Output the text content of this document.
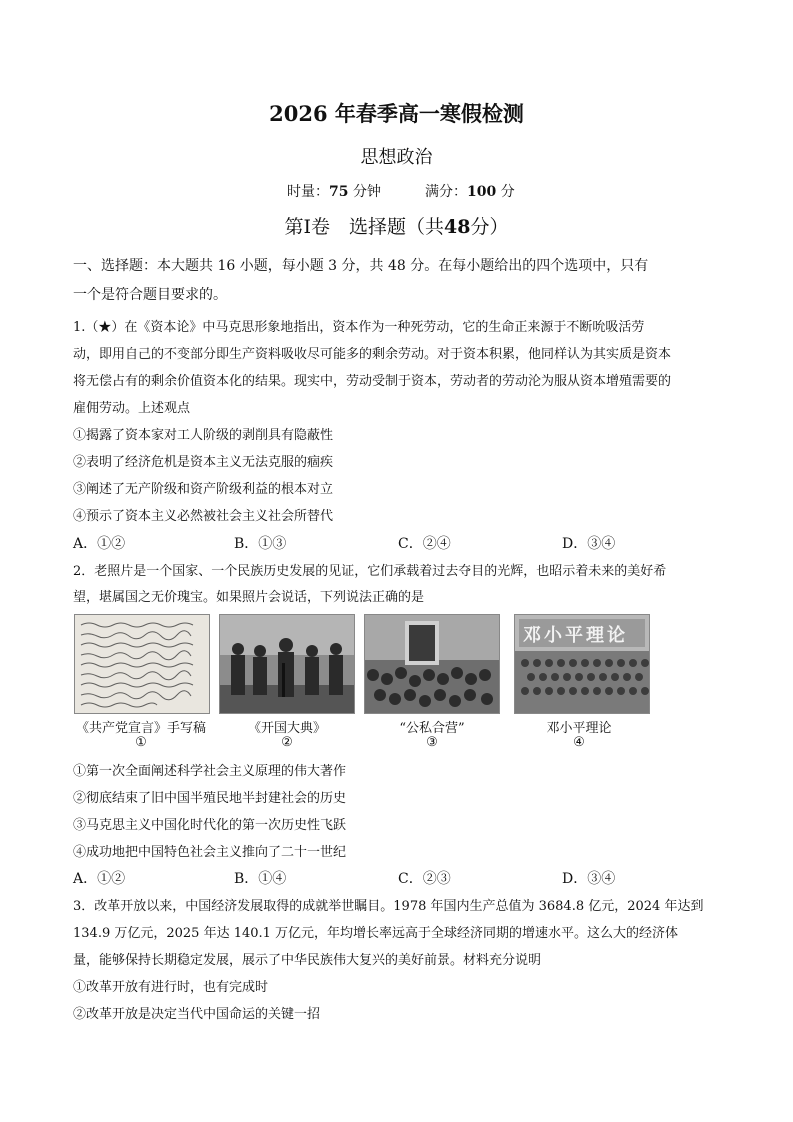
2026 年春季高一寒假检测
思想政治
时量：75 分钟	满分：100 分
第Ⅰ卷　选择题（共48分）
一、选择题：本大题共 16 小题，每小题 3 分，共 48 分。在每小题给出的四个选项中，只有
一个是符合题目要求的。
1.（★）在《资本论》中马克思形象地指出，资本作为一种死劳动，它的生命正来源于不断吮吸活劳
动，即用自己的不变部分即生产资料吸收尽可能多的剩余劳动。对于资本积累，他同样认为其实质是资本
将无偿占有的剩余价值资本化的结果。现实中，劳动受制于资本，劳动者的劳动沦为服从资本增殖需要的
雇佣劳动。上述观点
①揭露了资本家对工人阶级的剥削具有隐蔽性
②表明了经济危机是资本主义无法克服的痼疾
③阐述了无产阶级和资产阶级利益的根本对立
④预示了资本主义必然被社会主义社会所替代
A．①②	B．①③	C．②④	D．③④
2．老照片是一个国家、一个民族历史发展的见证，它们承载着过去夺目的光辉，也昭示着未来的美好希
望，堪属国之无价瑰宝。如果照片会说话，下列说法正确的是
邓小平理论
《共产党宣言》手写稿
①
《开国大典》
②
“公私合营”
③
邓小平理论
④
①第一次全面阐述科学社会主义原理的伟大著作
②彻底结束了旧中国半殖民地半封建社会的历史
③马克思主义中国化时代化的第一次历史性飞跃
④成功地把中国特色社会主义推向了二十一世纪
A．①②	B．①④	C．②③	D．③④
3．改革开放以来，中国经济发展取得的成就举世瞩目。1978 年国内生产总值为 3684.8 亿元，2024 年达到
134.9 万亿元，2025 年达 140.1 万亿元，年均增长率远高于全球经济同期的增速水平。这么大的经济体
量，能够保持长期稳定发展，展示了中华民族伟大复兴的美好前景。材料充分说明
①改革开放有进行时，也有完成时
②改革开放是决定当代中国命运的关键一招
